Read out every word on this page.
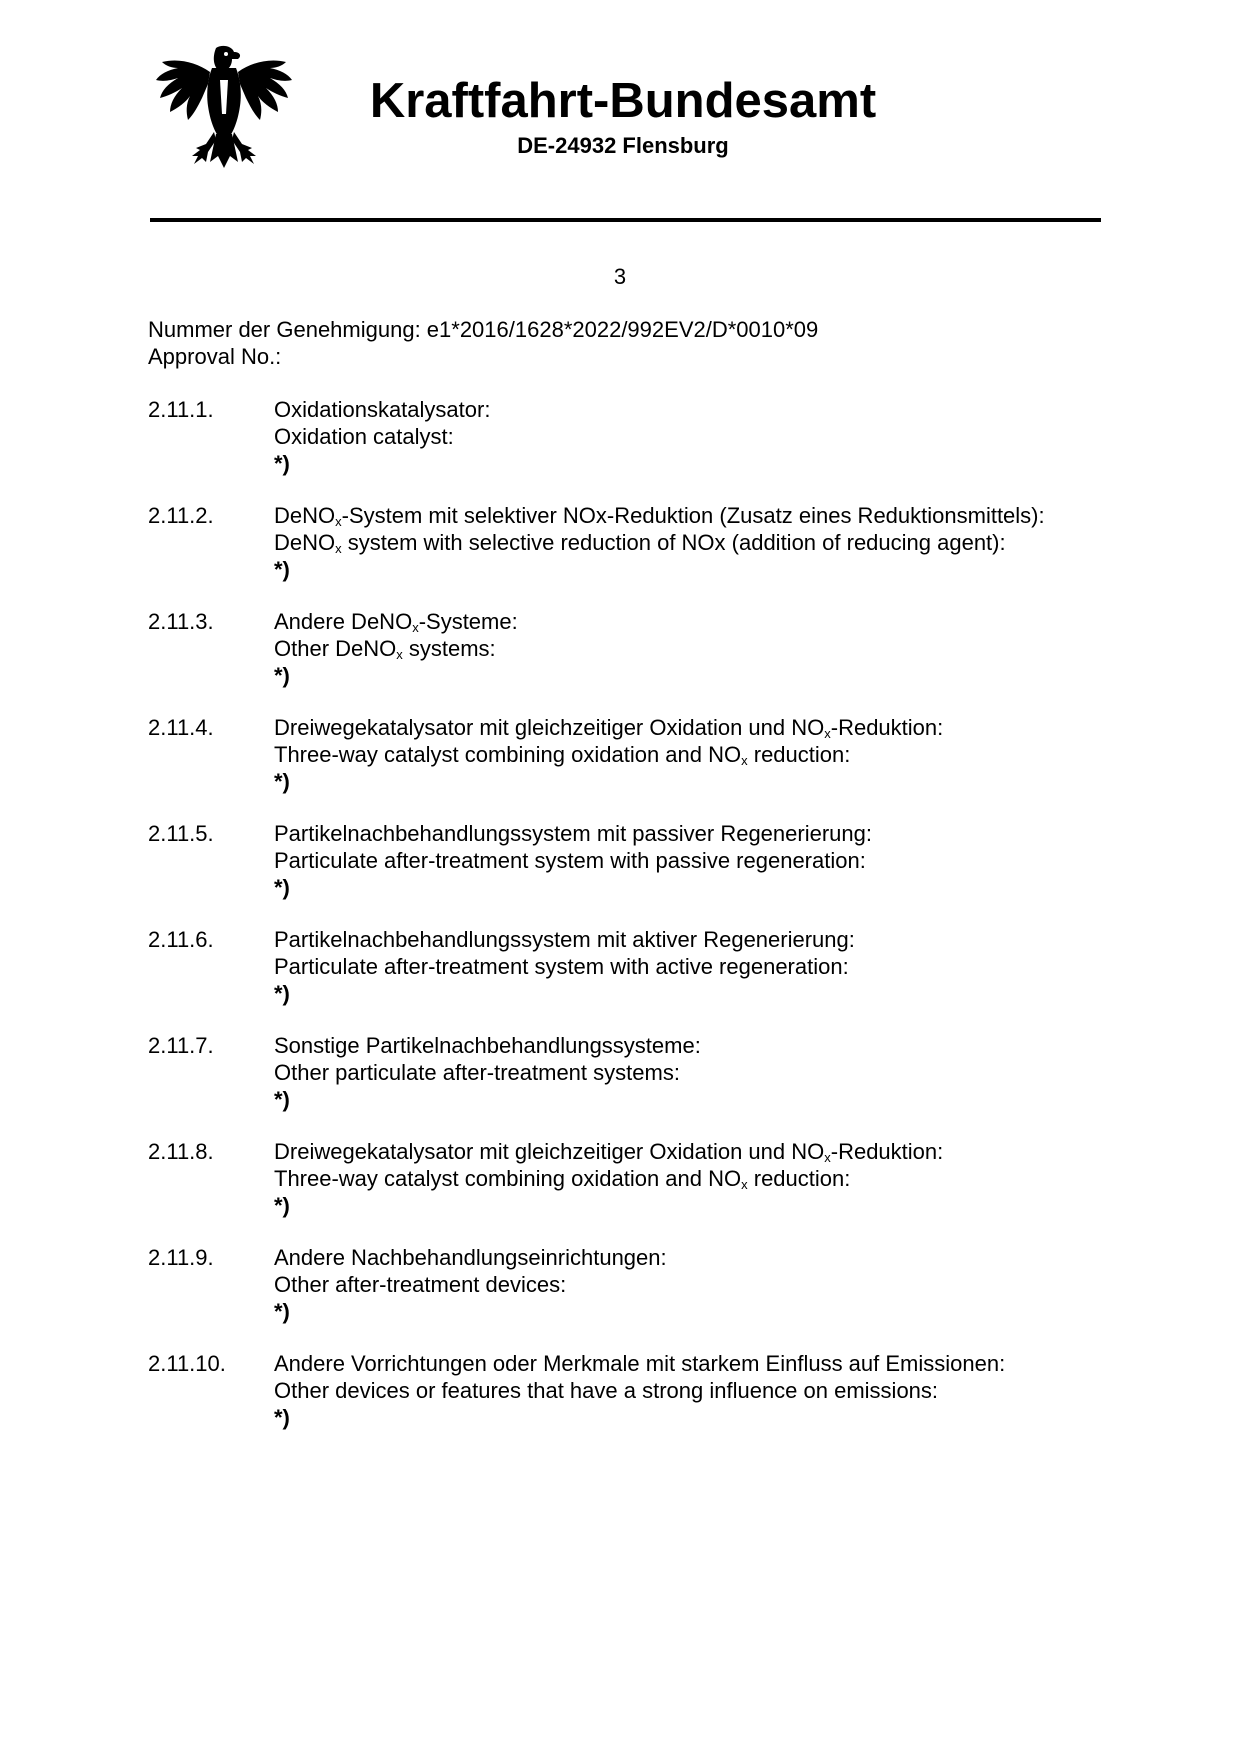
Kraftfahrt-Bundesamt
DE-24932 Flensburg
3
Nummer der Genehmigung: e1*2016/1628*2022/992EV2/D*0010*09
Approval No.:
2.11.1.	Oxidationskatalysator:
Oxidation catalyst:
*)
2.11.2.	DeNO$_x$-System mit selektiver NOx-Reduktion (Zusatz eines Reduktionsmittels):
DeNO$_x$ system with selective reduction of NOx (addition of reducing agent):
*)
2.11.3.	Andere DeNO$_x$-Systeme:
Other DeNO$_x$ systems:
*)
2.11.4.	Dreiwegekatalysator mit gleichzeitiger Oxidation und $NO_x$-Reduktion:
Three-way catalyst combining oxidation and $NO_x$ reduction:
*)
2.11.5.	Partikelnachbehandlungssystem mit passiver Regenerierung:
Particulate after-treatment system with passive regeneration:
*)
2.11.6.	Partikelnachbehandlungssystem mit aktiver Regenerierung:
Particulate after-treatment system with active regeneration:
*)
2.11.7.	Sonstige Partikelnachbehandlungssysteme:
Other particulate after-treatment systems:
*)
2.11.8.	Dreiwegekatalysator mit gleichzeitiger Oxidation und $NO_x$-Reduktion:
Three-way catalyst combining oxidation and $NO_x$ reduction:
*)
2.11.9.	Andere Nachbehandlungseinrichtungen:
Other after-treatment devices:
*)
2.11.10. Andere Vorrichtungen oder Merkmale mit starkem Einfluss auf Emissionen:
Other devices or features that have a strong influence on emissions:
*)
